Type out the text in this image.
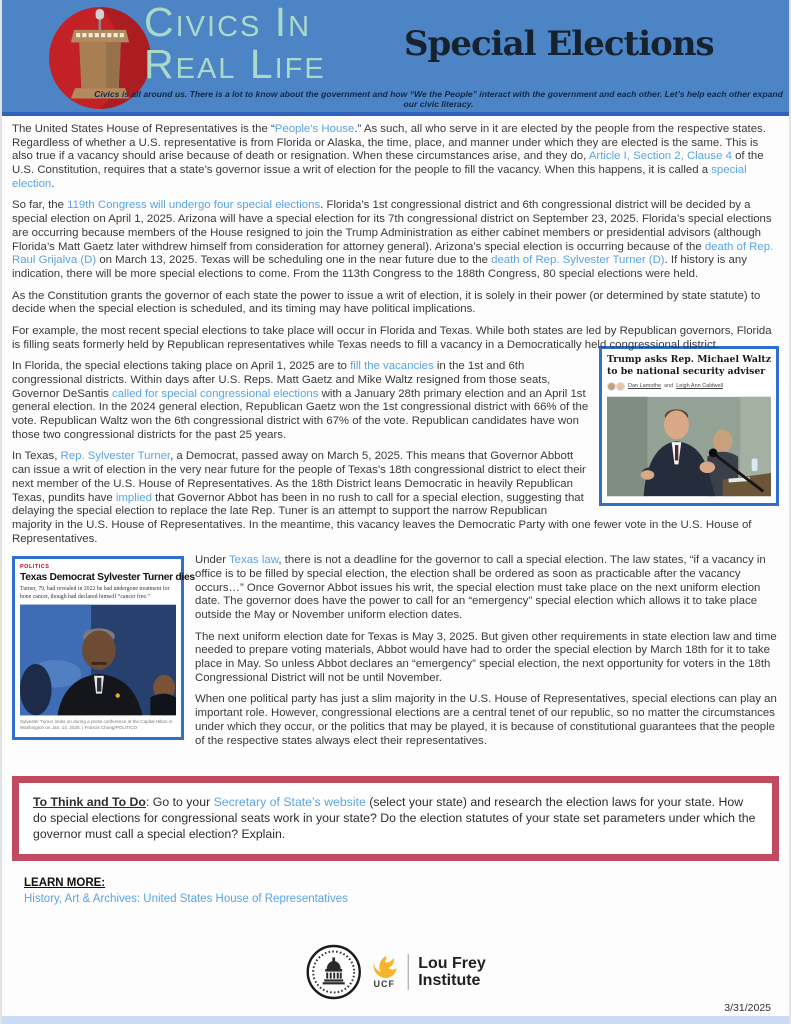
Civics In
Real Life Special Elections
Civics is all around us. There is a lot to know about the government and how “We the People” interact with the government and each other. Let’s help each other expand our civic literacy.

The United States House of Representatives is the “People’s House.” As such, all who serve in it are elected by the people from the respective states. Regardless of whether a U.S. representative is from Florida or Alaska, the time, place, and manner under which they are elected is the same. This is also true if a vacancy should arise because of death or resignation. When these circumstances arise, and they do, Article I, Section 2, Clause 4 of the U.S. Constitution, requires that a state’s governor issue a writ of election for the people to fill the vacancy. When this happens, it is called a special election.

So far, the 119th Congress will undergo four special elections. Florida’s 1st congressional district and 6th congressional district will be decided by a special election on April 1, 2025. Arizona will have a special election for its 7th congressional district on September 23, 2025. Florida’s special elections are occurring because members of the House resigned to join the Trump Administration as either cabinet members or presidential advisors (although Florida’s Matt Gaetz later withdrew himself from consideration for attorney general). Arizona’s special election is occurring because of the death of Rep. Raul Grijalva (D) on March 13, 2025. Texas will be scheduling one in the near future due to the death of Rep. Sylvester Turner (D). If history is any indication, there will be more special elections to come. From the 113th Congress to the 188th Congress, 80 special elections were held.

As the Constitution grants the governor of each state the power to issue a writ of election, it is solely in their power (or determined by state statute) to decide when the special election is scheduled, and its timing may have political implications.

For example, the most recent special elections to take place will occur in Florida and Texas. While both states are led by Republican governors, Florida is filling seats formerly held by Republican representatives while Texas needs to fill a vacancy in a Democratically held congressional district.

Trump asks Rep. Michael Waltz to be national security adviser
Dan Lamothe and Leigh Ann Caldwell

In Florida, the special elections taking place on April 1, 2025 are to fill the vacancies in the 1st and 6th congressional districts. Within days after U.S. Reps. Matt Gaetz and Mike Waltz resigned from those seats, Governor DeSantis called for special congressional elections with a January 28th primary election and an April 1st general election. In the 2024 general election, Republican Gaetz won the 1st congressional district with 66% of the vote. Republican Waltz won the 6th congressional district with 67% of the vote. Republican candidates have won those two congressional districts for the past 25 years.

In Texas, Rep. Sylvester Turner, a Democrat, passed away on March 5, 2025. This means that Governor Abbott can issue a writ of election in the very near future for the people of Texas’s 18th congressional district to elect their next member of the U.S. House of Representatives. As the 18th District leans Democratic in heavily Republican Texas, pundits have implied that Governor Abbot has been in no rush to call for a special election, suggesting that delaying the special election to replace the late Rep. Tuner is an attempt to support the narrow Republican majority in the U.S. House of Representatives. In the meantime, this vacancy leaves the Democratic Party with one fewer vote in the U.S. House of Representatives.

POLITICS
Texas Democrat Sylvester Turner dies
Turner, 79, had revealed in 2022 he had undergone treatment for bone cancer, though had declared himself “cancer free.”
Sylvester Turner looks on during a press conference at the Capital Hilton in Washington on Jan. 14, 2025. | Francis Chung/POLITICO

Under Texas law, there is not a deadline for the governor to call a special election. The law states, “if a vacancy in office is to be filled by special election, the election shall be ordered as soon as practicable after the vacancy occurs…” Once Governor Abbot issues his writ, the special election must take place on the next uniform election date. The governor does have the power to call for an “emergency” special election which allows it to take place outside the May or November uniform election dates.

The next uniform election date for Texas is May 3, 2025. But given other requirements in state election law and time needed to prepare voting materials, Abbot would have had to order the special election by March 18th for it to take place in May. So unless Abbot declares an “emergency” special election, the next opportunity for voters in the 18th Congressional District will not be until November.

When one political party has just a slim majority in the U.S. House of Representatives, special elections can play an important role. However, congressional elections are a central tenet of our republic, so no matter the circumstances under which they occur, or the politics that may be played, it is because of constitutional guarantees that the people of the respective states always elect their representatives.

To Think and To Do: Go to your Secretary of State’s website (select your state) and research the election laws for your state. How do special elections for congressional seats work in your state? Do the election statutes of your state set parameters under which the governor must call a special election? Explain.

LEARN MORE:
History, Art & Archives: United States House of Representatives
UCF
Lou Frey
Institute
3/31/2025
